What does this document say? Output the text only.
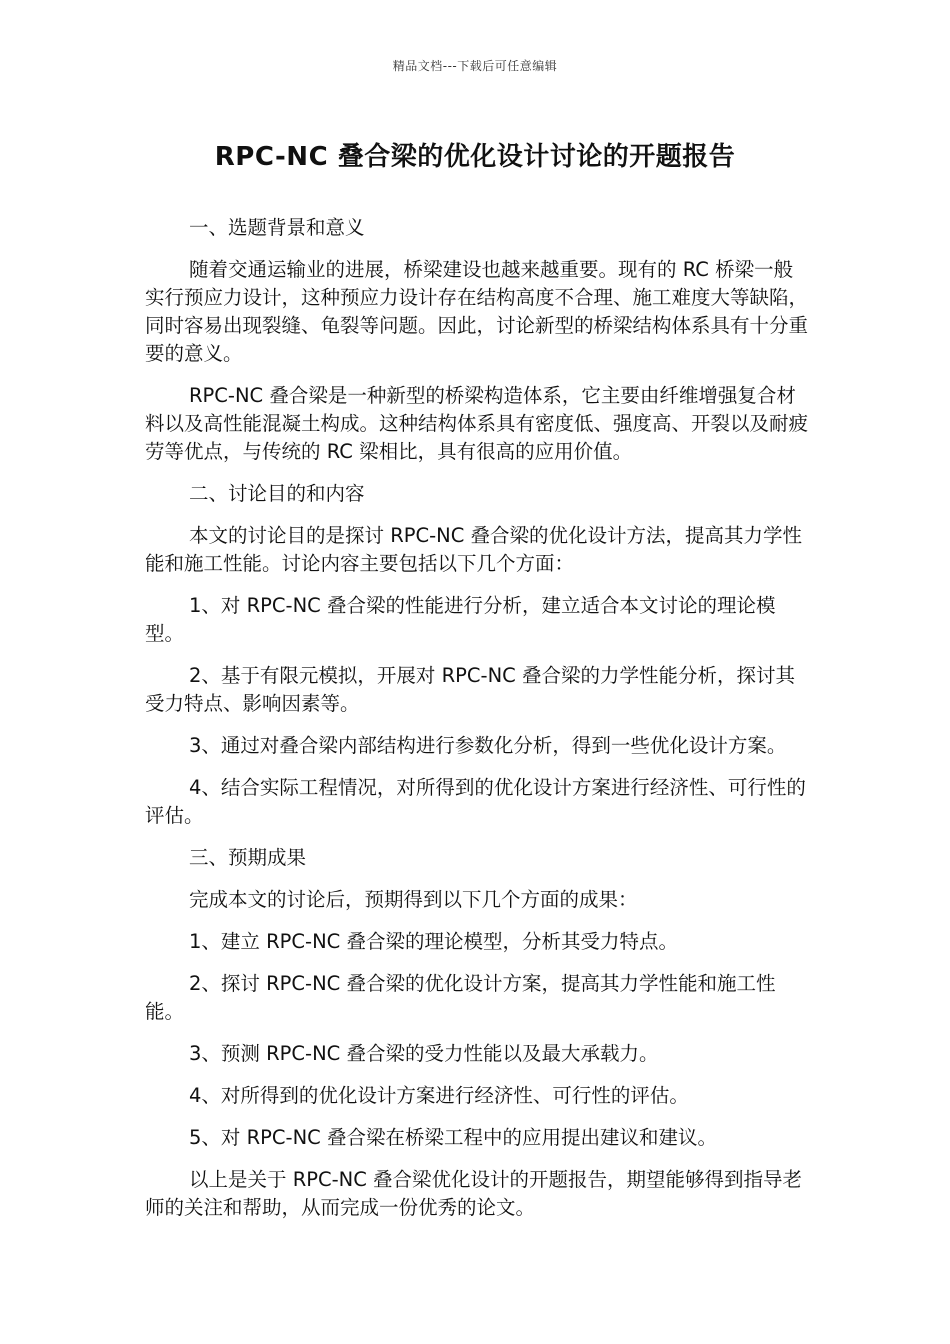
精品文档---下载后可任意编辑
RPC-NC 叠合梁的优化设计讨论的开题报告

一、选题背景和意义

随着交通运输业的进展，桥梁建设也越来越重要。现有的 RC 桥梁一般实行预应力设计，这种预应力设计存在结构高度不合理、施工难度大等缺陷，同时容易出现裂缝、龟裂等问题。因此，讨论新型的桥梁结构体系具有十分重要的意义。

RPC-NC 叠合梁是一种新型的桥梁构造体系，它主要由纤维增强复合材料以及高性能混凝土构成。这种结构体系具有密度低、强度高、开裂以及耐疲劳等优点，与传统的 RC 梁相比，具有很高的应用价值。

二、讨论目的和内容

本文的讨论目的是探讨 RPC-NC 叠合梁的优化设计方法，提高其力学性能和施工性能。讨论内容主要包括以下几个方面：

1、对 RPC-NC 叠合梁的性能进行分析，建立适合本文讨论的理论模型。

2、基于有限元模拟，开展对 RPC-NC 叠合梁的力学性能分析，探讨其受力特点、影响因素等。

3、通过对叠合梁内部结构进行参数化分析，得到一些优化设计方案。

4、结合实际工程情况，对所得到的优化设计方案进行经济性、可行性的评估。

三、预期成果

完成本文的讨论后，预期得到以下几个方面的成果：

1、建立 RPC-NC 叠合梁的理论模型，分析其受力特点。

2、探讨 RPC-NC 叠合梁的优化设计方案，提高其力学性能和施工性能。

3、预测 RPC-NC 叠合梁的受力性能以及最大承载力。

4、对所得到的优化设计方案进行经济性、可行性的评估。

5、对 RPC-NC 叠合梁在桥梁工程中的应用提出建议和建议。

以上是关于 RPC-NC 叠合梁优化设计的开题报告，期望能够得到指导老师的关注和帮助，从而完成一份优秀的论文。
